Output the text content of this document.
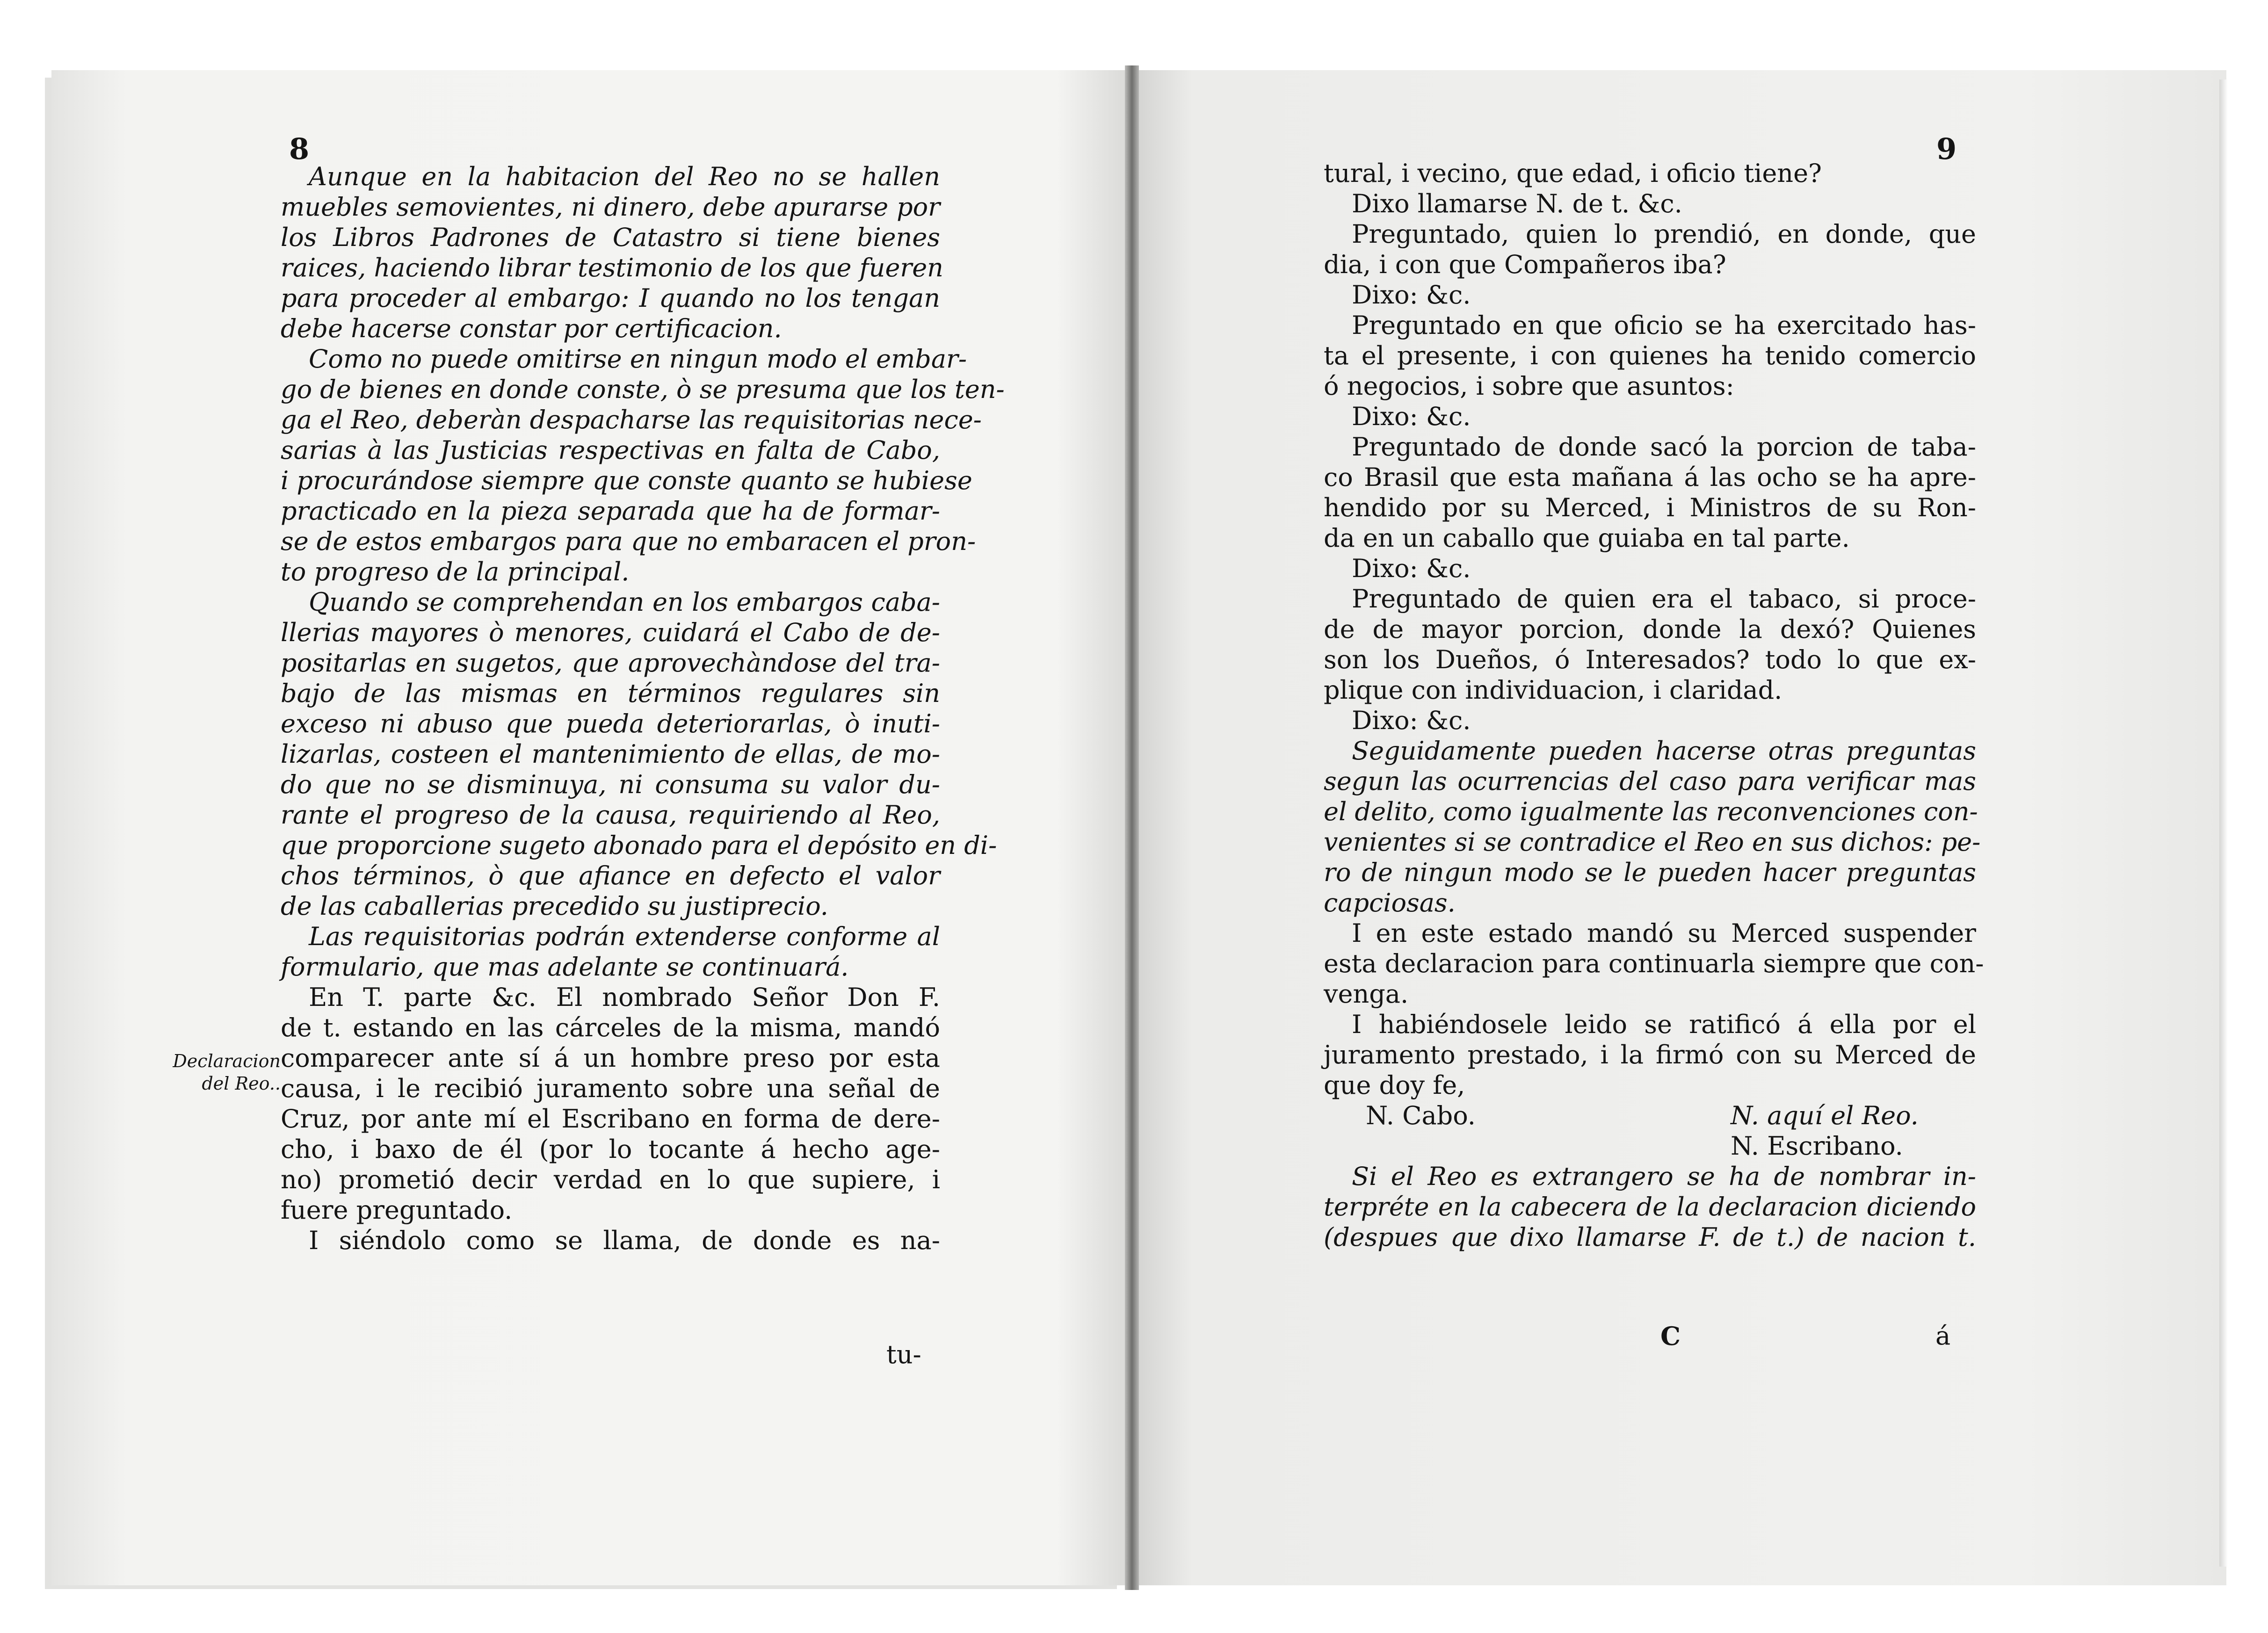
8
Declaracion
del Reo..
Aunque en la habitacion del Reo no se hallen
muebles semovientes, ni dinero, debe apurarse por
los Libros Padrones de Catastro si tiene bienes
raices, haciendo librar testimonio de los que fueren
para proceder al embargo: I quando no los tengan
debe hacerse constar por certificacion.
Como no puede omitirse en ningun modo el embar-
go de bienes en donde conste, ò se presuma que los ten-
ga el Reo, deberàn despacharse las requisitorias nece-
sarias à las Justicias respectivas en falta de Cabo,
i procurándose siempre que conste quanto se hubiese
practicado en la pieza separada que ha de formar-
se de estos embargos para que no embaracen el pron-
to progreso de la principal.
Quando se comprehendan en los embargos caba-
llerias mayores ò menores, cuidará el Cabo de de-
positarlas en sugetos, que aprovechàndose del tra-
bajo de las mismas en términos regulares sin
exceso ni abuso que pueda deteriorarlas, ò inuti-
lizarlas, costeen el mantenimiento de ellas, de mo-
do que no se disminuya, ni consuma su valor du-
rante el progreso de la causa, requiriendo al Reo,
que proporcione sugeto abonado para el depósito en di-
chos términos, ò que afiance en defecto el valor
de las caballerias precedido su justiprecio.
Las requisitorias podrán extenderse conforme al
formulario, que mas adelante se continuará.
En T. parte &c. El nombrado Señor Don F.
de t. estando en las cárceles de la misma, mandó
comparecer ante sí á un hombre preso por esta
causa, i le recibió juramento sobre una señal de
Cruz, por ante mí el Escribano en forma de dere-
cho, i baxo de él (por lo tocante á hecho age-
no) prometió decir verdad en lo que supiere, i
fuere preguntado.
I siéndolo como se llama, de donde es na-
tu-
9
tural, i vecino, que edad, i oficio tiene?
Dixo llamarse N. de t. &c.
Preguntado, quien lo prendió, en donde, que
dia, i con que Compañeros iba?
Dixo: &c.
Preguntado en que oficio se ha exercitado has-
ta el presente, i con quienes ha tenido comercio
ó negocios, i sobre que asuntos:
Dixo: &c.
Preguntado de donde sacó la porcion de taba-
co Brasil que esta mañana á las ocho se ha apre-
hendido por su Merced, i Ministros de su Ron-
da en un caballo que guiaba en tal parte.
Dixo: &c.
Preguntado de quien era el tabaco, si proce-
de de mayor porcion, donde la dexó? Quienes
son los Dueños, ó Interesados? todo lo que ex-
plique con individuacion, i claridad.
Dixo: &c.
Seguidamente pueden hacerse otras preguntas
segun las ocurrencias del caso para verificar mas
el delito, como igualmente las reconvenciones con-
venientes si se contradice el Reo en sus dichos: pe-
ro de ningun modo se le pueden hacer preguntas
capciosas.
I en este estado mandó su Merced suspender
esta declaracion para continuarla siempre que con-
venga.
I habiéndosele leido se ratificó á ella por el
juramento prestado, i la firmó con su Merced de
que doy fe,
N. Cabo.	N. aquí el Reo.
N. Escribano.
Si el Reo es extrangero se ha de nombrar in-
terpréte en la cabecera de la declaracion diciendo
(despues que dixo llamarse F. de t.) de nacion t.
C	á
